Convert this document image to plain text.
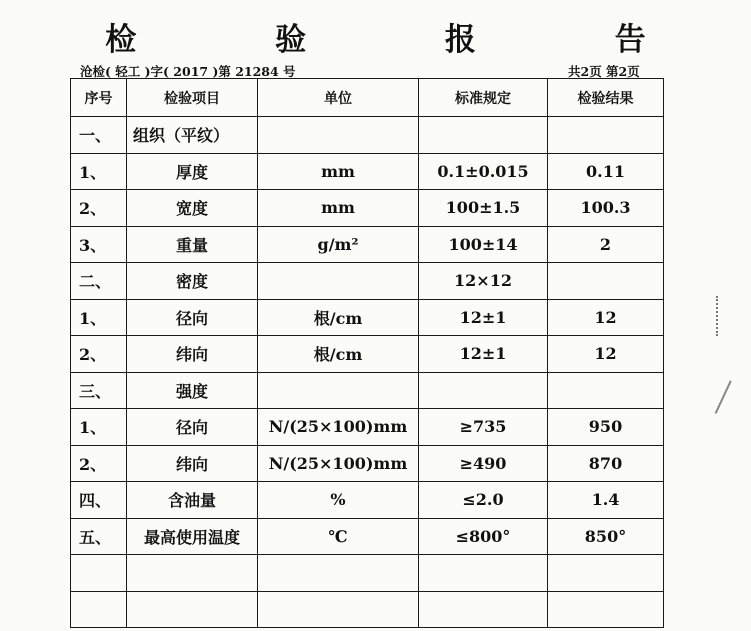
检 验 报 告
沧检( 轻工 )字( 2017 )第 21284 号	共2页 第2页
序号	检验项目	单位	标准规定	检验结果
一、	组织（平纹）			
1、	厚度	mm	0.1±0.015	0.11
2、	宽度	mm	100±1.5	100.3
3、	重量	g/m²	100±14	2
二、	密度		12×12	
1、	径向	根/cm	12±1	12
2、	纬向	根/cm	12±1	12
三、	强度			
1、	径向	N/(25×100)mm	≥735	950
2、	纬向	N/(25×100)mm	≥490	870
四、	含油量	%	≤2.0	1.4
五、	最高使用温度	℃	≤800°	850°
